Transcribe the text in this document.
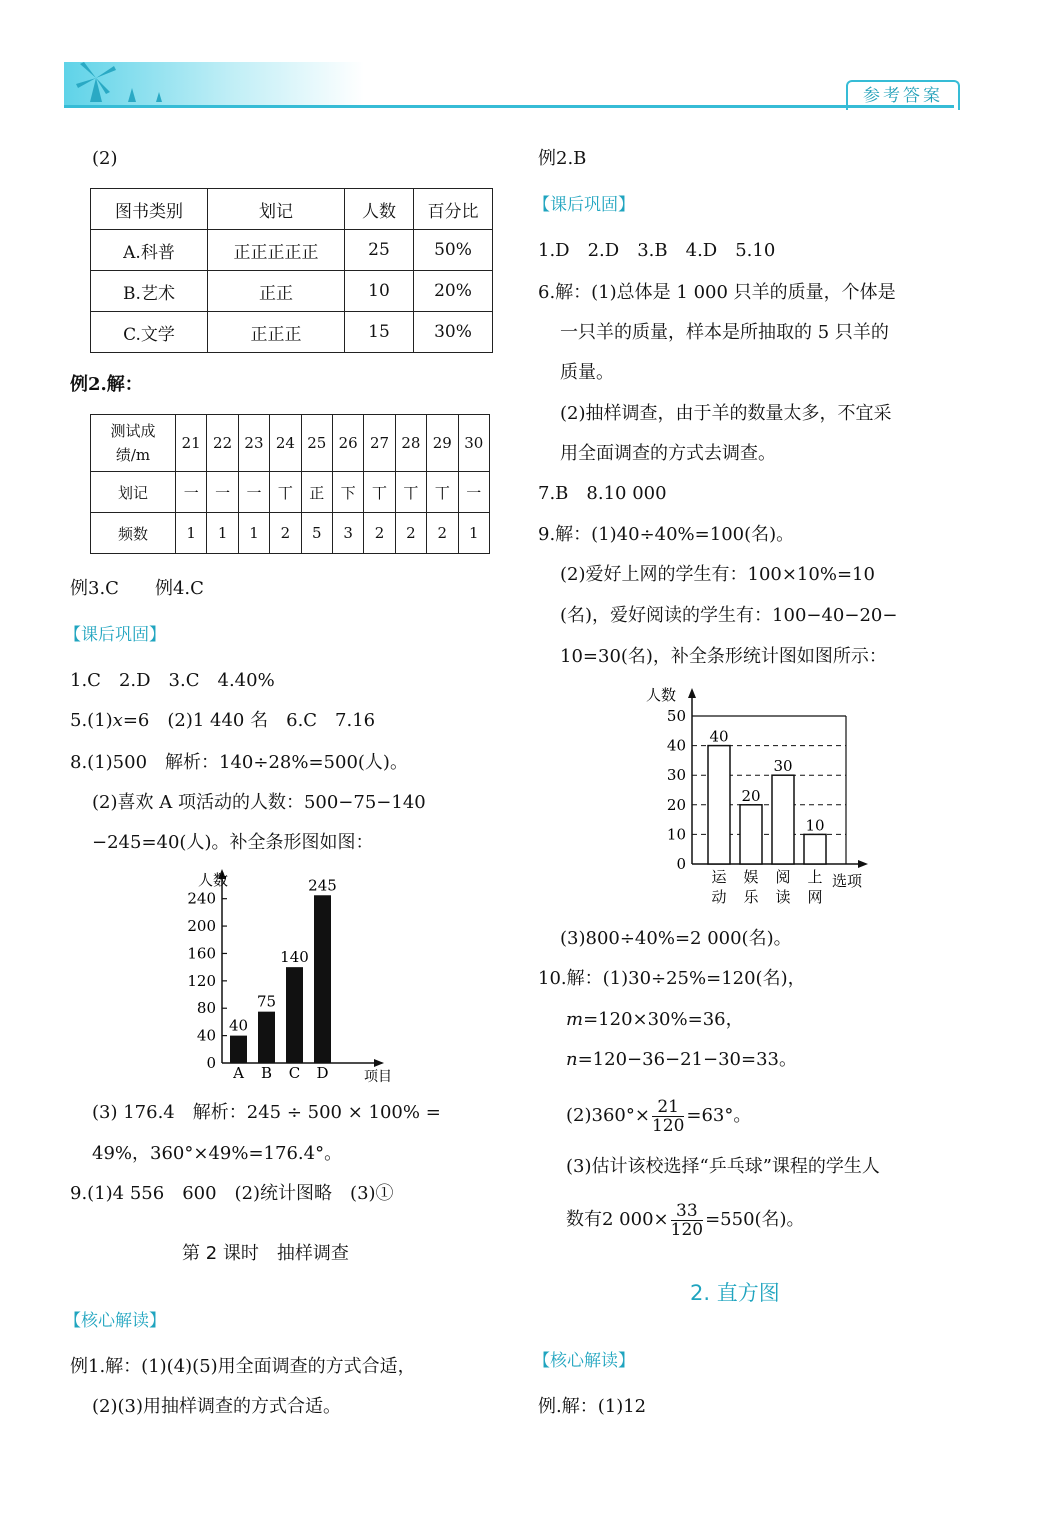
参考答案
(2)
图书类别	划记	人数	百分比
A.科普	正正正正正	25	50%
B.艺术	正正	10	20%
C.文学	正正正	15	30%
例2.解：
测试成
绩/m	21	22	23	24	25	26	27	28	29	30
划记	一	一	一	丅	正	下	丅	丅	丅	一
频数	1	1	1	2	5	3	2	2	2	1
例3.C　　例4.C
【课后巩固】
1.C　2.D　3.C　4.40%
5.(1)x=6　(2)1 440 名　6.C　7.16
8.(1)500　解析：140÷28%=500(人)。
(2)喜欢 A 项活动的人数：500−75−140
−245=40(人)。补全条形图如图：
人数
项目
0
40
80
120
160
200
240
40
A
75
B
140
C
245
D
(3) 176.4　解析：245 ÷ 500 × 100% =
49%，360°×49%=176.4°。
9.(1)4 556　600　(2)统计图略　(3)①
第 2 课时　抽样调查
【核心解读】
例1.解：(1)(4)(5)用全面调查的方式合适，
(2)(3)用抽样调查的方式合适。
例2.B
【课后巩固】
1.D　2.D　3.B　4.D　5.10
6.解：(1)总体是 1 000 只羊的质量，个体是
一只羊的质量，样本是所抽取的 5 只羊的
质量。
(2)抽样调查，由于羊的数量太多，不宜采
用全面调查的方式去调查。
7.B　8.10 000
9.解：(1)40÷40%=100(名)。
(2)爱好上网的学生有：100×10%=10
(名)，爱好阅读的学生有：100−40−20−
10=30(名)，补全条形统计图如图所示：
人数
0
10
20
30
40
50
40
运
动
20
娱
乐
30
阅
读
10
上
网
选项
(3)800÷40%=2 000(名)。
10.解：(1)30÷25%=120(名)，
m=120×30%=36，
n=120−36−21−30=33。
$(2)360^\circ\times \frac{21}{120} =63^\circ$。
(3)估计该校选择“乒乓球”课程的学生人
数有2 $000\times \frac{33}{120} =550$(名)。
2. 直方图
【核心解读】
例.解：(1)12
